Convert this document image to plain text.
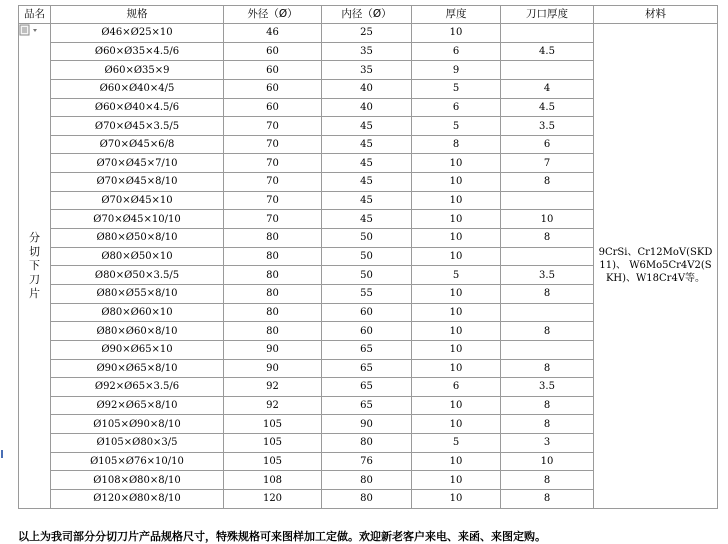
品名	规格	外径（Ø）	内径（Ø）	厚度	刀口厚度	材料

分切下刀片	Ø46×Ø25×10	46	25	10		9CrSi、Cr12MoV(SKD11)、 W6Mo5Cr4V2(SKH)、W18Cr4V等。
	Ø60×Ø35×4.5/6	60	35	6	4.5	
	Ø60×Ø35×9	60	35	9		
	Ø60×Ø40×4/5	60	40	5	4	
	Ø60×Ø40×4.5/6	60	40	6	4.5	
	Ø70×Ø45×3.5/5	70	45	5	3.5	
	Ø70×Ø45×6/8	70	45	8	6	
	Ø70×Ø45×7/10	70	45	10	7	
	Ø70×Ø45×8/10	70	45	10	8	
	Ø70×Ø45×10	70	45	10		
	Ø70×Ø45×10/10	70	45	10	10	
	Ø80×Ø50×8/10	80	50	10	8	
	Ø80×Ø50×10	80	50	10		
	Ø80×Ø50×3.5/5	80	50	5	3.5	
	Ø80×Ø55×8/10	80	55	10	8	
	Ø80×Ø60×10	80	60	10		
	Ø80×Ø60×8/10	80	60	10	8	
	Ø90×Ø65×10	90	65	10		
	Ø90×Ø65×8/10	90	65	10	8	
	Ø92×Ø65×3.5/6	92	65	6	3.5	
	Ø92×Ø65×8/10	92	65	10	8	
	Ø105×Ø90×8/10	105	90	10	8	
	Ø105×Ø80×3/5	105	80	5	3	
	Ø105×Ø76×10/10	105	76	10	10	
	Ø108×Ø80×8/10	108	80	10	8	
	Ø120×Ø80×8/10	120	80	10	8	
以上为我司部分分切刀片产品规格尺寸，特殊规格可来图样加工定做。欢迎新老客户来电、来函、来图定购。
